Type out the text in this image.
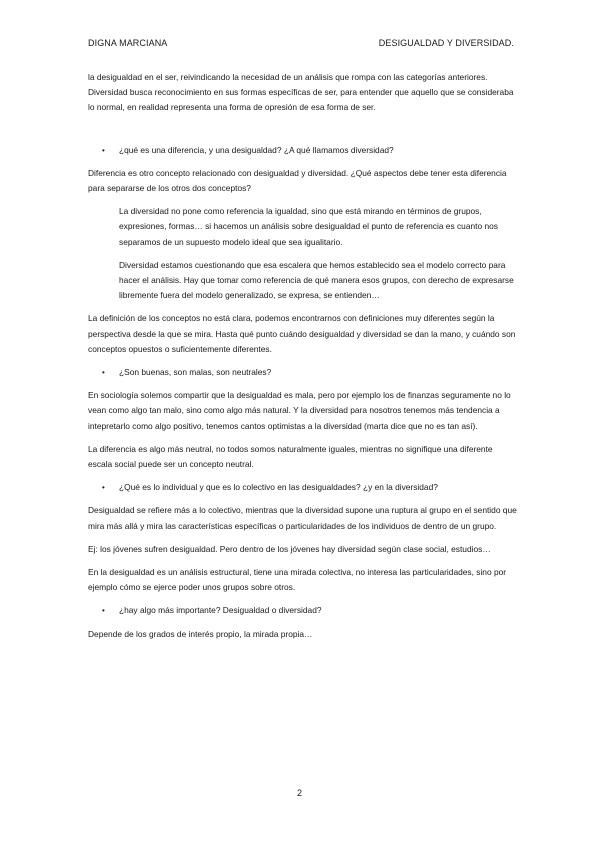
DIGNA MARCIANA	DESIGUALDAD Y DIVERSIDAD.

la desigualdad en el ser, reivindicando la necesidad de un análisis que rompa con las categorías anteriores. Diversidad busca reconocimiento en sus formas específicas de ser, para entender que aquello que se consideraba lo normal, en realidad representa una forma de opresión de esa forma de ser.

• ¿qué es una diferencia, y una desigualdad? ¿A qué llamamos diversidad?

Diferencia es otro concepto relacionado con desigualdad y diversidad. ¿Qué aspectos debe tener esta diferencia para separarse de los otros dos conceptos?

La diversidad no pone como referencia la igualdad, sino que está mirando en términos de grupos, expresiones, formas… si hacemos un análisis sobre desigualdad el punto de referencia es cuanto nos separamos de un supuesto modelo ideal que sea igualitario.

Diversidad estamos cuestionando que esa escalera que hemos establecido sea el modelo correcto para hacer el análisis. Hay que tomar como referencia de qué manera esos grupos, con derecho de expresarse libremente fuera del modelo generalizado, se expresa, se entienden…

La definición de los conceptos no está clara, podemos encontrarnos con definiciones muy diferentes según la perspectiva desde la que se mira. Hasta qué punto cuándo desigualdad y diversidad se dan la mano, y cuándo son conceptos opuestos o suficientemente diferentes.

• ¿Son buenas, son malas, son neutrales?

En sociología solemos compartir que la desigualdad es mala, pero por ejemplo los de finanzas seguramente no lo vean como algo tan malo, sino como algo más natural. Y la diversidad para nosotros tenemos más tendencia a intepretarlo como algo positivo, tenemos cantos optimistas a la diversidad (marta dice que no es tan así).

La diferencia es algo más neutral, no todos somos naturalmente iguales, mientras no signifique una diferente escala social puede ser un concepto neutral.

• ¿Qué es lo individual y que es lo colectivo en las desigualdades? ¿y en la diversidad?

Desigualdad se refiere más a lo colectivo, mientras que la diversidad supone una ruptura al grupo en el sentido que mira más allá y mira las características específicas o particularidades de los individuos de dentro de un grupo.

Ej: los jóvenes sufren desigualdad. Pero dentro de los jóvenes hay diversidad según clase social, estudios…

En la desigualdad es un análisis estructural, tiene una mirada colectiva, no interesa las particularidades, sino por ejemplo cómo se ejerce poder unos grupos sobre otros.

• ¿hay algo más importante? Desigualdad o diversidad?

Depende de los grados de interés propio, la mirada propia…

2
